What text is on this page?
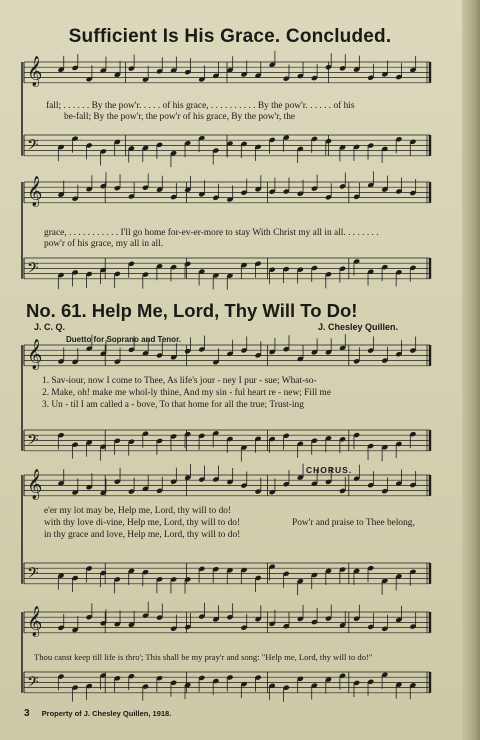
𝄞
𝄢
𝄞
𝄢
𝄞
𝄢
𝄞
𝄢
𝄞
𝄢
Sufficient Is His Grace. Concluded.
fall; . . . . . . By the pow'r. . . . . of his grace, . . . . . . . . . . By the pow'r. . . . . . of his
be-fall; By the pow'r, the pow'r of his grace, By the pow'r, the
grace, . . . . . . . . . . . I'll go home for-ev-er-more to stay With Christ my all in all. . . . . . . .
pow'r of his grace, my all in all.
No. 61. Help Me, Lord, Thy Will To Do!
J. C. Q.	J. Chesley Quillen.
Duetto for Soprano and Tenor.
1. Sav-iour, now I come to Thee, As life's jour - ney I pur - sue; What-so-
2. Make, oh! make me whol-ly thine, And my sin - ful heart re - new; Fill me
3. Un - til I am called a - bove, To that home for all the true; Trust-ing
CHORUS.
e'er my lot may be, Help me, Lord, thy will to do!
with thy love di-vine, Help me, Lord, thy will to do!
in thy grace and love, Help me, Lord, thy will to do!
Pow'r and praise to Thee belong,
Thou canst keep till life is thro'; This shall be my pray'r and song: "Help me, Lord, thy will to do!"
3 Property of J. Chesley Quillen, 1918.
